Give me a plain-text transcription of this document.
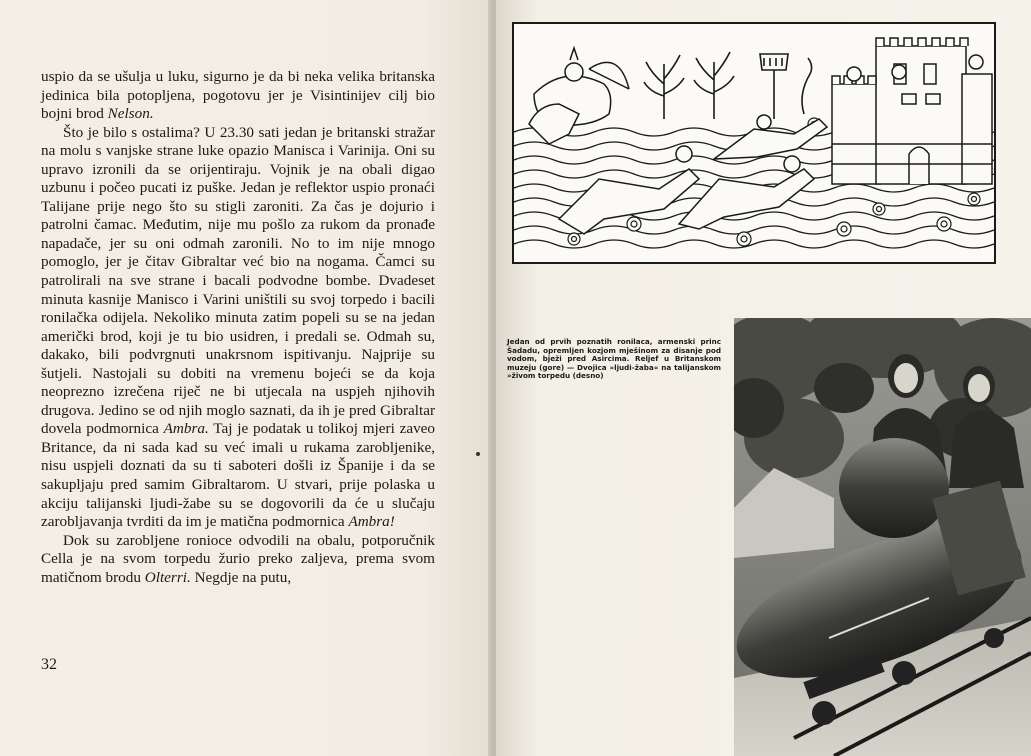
uspio da se ušulja u luku, sigurno je da bi neka velika britanska jedinica bila potopljena, pogotovu jer je Visintinijev cilj bio bojni brod Nelson.

Što je bilo s ostalima? U 23.30 sati jedan je britanski stražar na molu s vanjske strane luke opazio Manisca i Varinija. Oni su upravo izronili da se orijentiraju. Vojnik je na obali digao uzbunu i počeo pucati iz puške. Jedan je reflektor uspio pronaći Talijane prije nego što su stigli zaroniti. Za čas je dojurio i patrolni čamac. Međutim, nije mu pošlo za rukom da pronađe napadače, jer su oni odmah zaronili. No to im nije mnogo pomoglo, jer je čitav Gibraltar već bio na nogama. Čamci su patrolirali na sve strane i bacali podvodne bombe. Dvadeset minuta kasnije Manisco i Varini uništili su svoj torpedo i bacili ronilačka odijela. Nekoliko minuta zatim popeli su se na jedan američki brod, koji je tu bio usidren, i predali se. Odmah su, dakako, bili podvrgnuti unakrsnom ispitivanju. Najprije su šutjeli. Nastojali su dobiti na vremenu bojeći se da koja neoprezno izrečena riječ ne bi utjecala na uspjeh njihovih drugova. Jedino se od njih moglo saznati, da ih je pred Gibraltar dovela podmornica Ambra. Taj je podatak u tolikoj mjeri zaveo Britance, da ni sada kad su već imali u rukama zarobljenike, nisu uspjeli doznati da su ti saboteri došli iz Španije i da se sakupljaju pred samim Gibraltarom. U stvari, prije polaska u akciju talijanski ljudi-žabe su se dogovorili da će u slučaju zarobljavanja tvrditi da im je matična podmornica Ambra!

Dok su zarobljene ronioce odvodili na obalu, potporučnik Cella je na svom torpedu žurio preko zaljeva, prema svom matičnom brodu Olterri. Negdje na putu,

32
Jedan od prvih poznatih ronilaca, armenski princ Šadadu, opremljen kozjom mješinom za disanje pod vodom, bježi pred Asircima. Reljef u Britanskom muzeju (gore) — Dvojica »ljudi-žaba« na talijanskom »živom torpedu (desno)
